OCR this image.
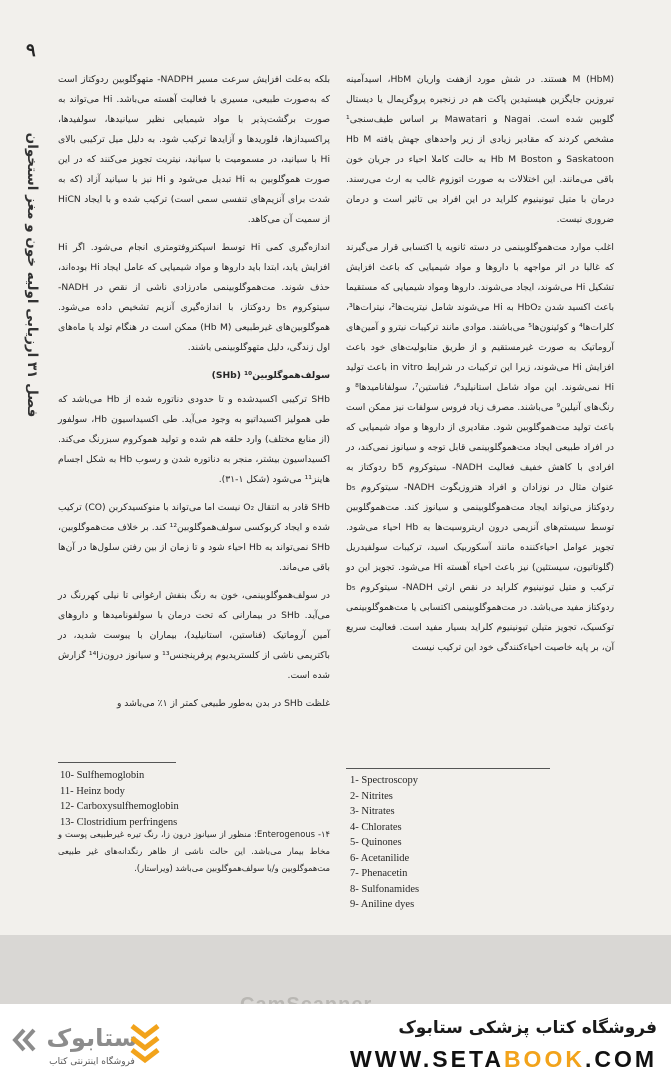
۹
فصل ۳۱ ارزیابی اولیه خون و مغز استخوان

M (HbM) هستند. در شش مورد ازهفت واریان HbM، اسیدآمینه تیروزین جایگزین هیستیدین پاکت هم در زنجیره پروگزیمال یا دیستال گلوبین شده است. Nagai و Mawatari بر اساس طیف‌سنجی¹ مشخص کردند که مقادیر زیادی از زیر واحدهای جهش یافته Hb M Saskatoon و Hb M Boston به حالت کاملا احیاء در جریان خون باقی می‌مانند. این اختلالات به صورت اتوزوم غالب به ارث می‌رسند. درمان با متیل تیونینیوم کلراید در این افراد بی تاثیر است و درمان ضروری نیست.

اغلب موارد مت‌هموگلوبینمی در دسته ثانویه یا اکتسابی قرار می‌گیرند که غالبا در اثر مواجهه با داروها و مواد شیمیایی که باعث افزایش تشکیل Hi می‌شوند، ایجاد می‌شوند. داروها ومواد شیمیایی که مستقیما باعث اکسید شدن HbO₂ به Hi می‌شوند شامل نیتریت‌ها²، نیترات‌ها³، کلرات‌ها⁴ و کوئینون‌ها⁵ می‌باشند. موادی مانند ترکیبات نیترو و آمین‌های آروماتیک به صورت غیرمستقیم و از طریق متابولیت‌های خود باعث افزایش Hi می‌شوند، زیرا این ترکیبات در شرایط in vitro باعث تولید Hi نمی‌شوند. این مواد شامل استانیلید⁶، فناستین⁷، سولفانامیدها⁸ و رنگ‌های آنیلین⁹ می‌باشند. مصرف زیاد فروس سولفات نیز ممکن است باعث تولید مت‌هموگلوبین شود. مقادیری از داروها و مواد شیمیایی که در افراد طبیعی ایجاد مت‌هموگلوبینمی قابل توجه و سیانوز نمی‌کند، در افرادی با کاهش خفیف فعالیت NADH- سیتوکروم b5 ردوکتاز به عنوان مثال در نوزادان و افراد هتروزیگوت NADH- سیتوکروم b₅ ردوکتاز می‌تواند ایجاد مت‌هموگلوبینمی و سیانوز کند. مت‌هموگلوبین توسط سیستم‌های آنزیمی درون اریتروسیت‌ها به Hb احیاء می‌شود. تجویز عوامل احیاءکننده مانند آسکوربیک اسید، ترکیبات سولفیدریل (گلوتاتیون، سیستئین) نیز باعث احیاء آهسته Hi می‌شود. تجویز این دو ترکیب و متیل تیونینیوم کلراید در نقص ارثی NADH- سیتوکروم b₅ ردوکتاز مفید می‌باشد. در مت‌هموگلوبینمی اکتسابی یا مت‌هموگلوبینمی توکسیک، تجویز متیلن تیونینیوم کلراید بسیار مفید است. فعالیت سریع آن، بر پایه خاصیت احیاءکنندگی خود این ترکیب نیست

بلکه به‌علت افزایش سرعت مسیر NADPH- متهوگلوبین ردوکتاز است که به‌صورت طبیعی، مسیری با فعالیت آهسته می‌باشد. Hi می‌تواند به صورت برگشت‌پذیر با مواد شیمیایی نظیر سیانیدها، سولفیدها، پراکسیدازها، فلوریدها و آزایدها ترکیب شود. به دلیل میل ترکیبی بالای Hi با سیانید، در مسمومیت با سیانید، نیتریت تجویز می‌کنند که در این صورت هموگلوبین به Hi تبدیل می‌شود و Hi نیز با سیانید آزاد (که به شدت برای آنزیم‌های تنفسی سمی است) ترکیب شده و با ایجاد HiCN از سمیت آن می‌کاهد.

اندازه‌گیری کمی Hi توسط اسپکتروفتومتری انجام می‌شود. اگر Hi افزایش یابد، ابتدا باید داروها و مواد شیمیایی که عامل ایجاد Hi بوده‌اند، حذف شوند. مت‌هموگلوبینمی مادرزادی ناشی از نقص در NADH- سیتوکروم b₅ ردوکتاز، با اندازه‌گیری آنزیم تشخیص داده می‌شود. هموگلوبین‌های غیرطبیعی (Hb M) ممکن است در هنگام تولد یا ماه‌های اول زندگی، دلیل متهوگلوبینمی باشند.

سولف‌هموگلوبین¹⁰ (SHb)

SHb ترکیبی اکسیدشده و تا حدودی دناتوره شده از Hb می‌باشد که طی همولیز اکسیداتیو به وجود می‌آید. طی اکسیداسیون Hb، سولفور (از منابع مختلف) وارد حلقه هم شده و تولید هموکروم سبزرنگ می‌کند. اکسیداسیون بیشتر، منجر به دناتوره شدن و رسوب Hb به شکل اجسام هاینز¹¹ می‌شود (شکل ۱-۳۱).

SHb قادر به انتقال O₂ نیست اما می‌تواند با منوکسیدکربن (CO) ترکیب شده و ایجاد کربوکسی سولف‌هموگلوبین¹² کند. بر خلاف مت‌هموگلوبین، SHb نمی‌تواند به Hb احیاء شود و تا زمان از بین رفتن سلول‌ها در آن‌ها باقی می‌ماند.

در سولف‌هموگلوبینمی، خون به رنگ بنفش ارغوانی تا نیلی کهررنگ در می‌آید. SHb در بیمارانی که تحت درمان با سولفونامیدها و داروهای آمین آروماتیک (فناستین، استانیلید)، بیماران با یبوست شدید، در باکتریمی ناشی از کلستریدیوم پرفرینجنس¹³ و سیانوز درون‌زا¹⁴ گزارش شده است.

غلظت SHb در بدن به‌طور طبیعی کمتر از ۱٪ می‌باشد و

1- Spectroscopy
2- Nitrites
3- Nitrates
4- Chlorates
5- Quinones
6- Acetanilide
7- Phenacetin
8- Sulfonamides
9- Aniline dyes
10- Sulfhemoglobin
11- Heinz body
12- Carboxysulfhemoglobin
13- Clostridium perfringens
۱۴- Enterogenous: منظور از سیانوز درون زا، رنگ تیره غیرطبیعی پوست و مخاط بیمار می‌باشد. این حالت ناشی از ظاهر رنگدانه‌های غیر طبیعی مت‌هموگلوبین و/یا سولف‌هموگلوبین می‌باشد (ویراستار).
ستابوک
فروشگاه اینترنتی کتاب
فروشگاه کتاب پزشکی ستابوک
WWW.SETABOOK.COM
